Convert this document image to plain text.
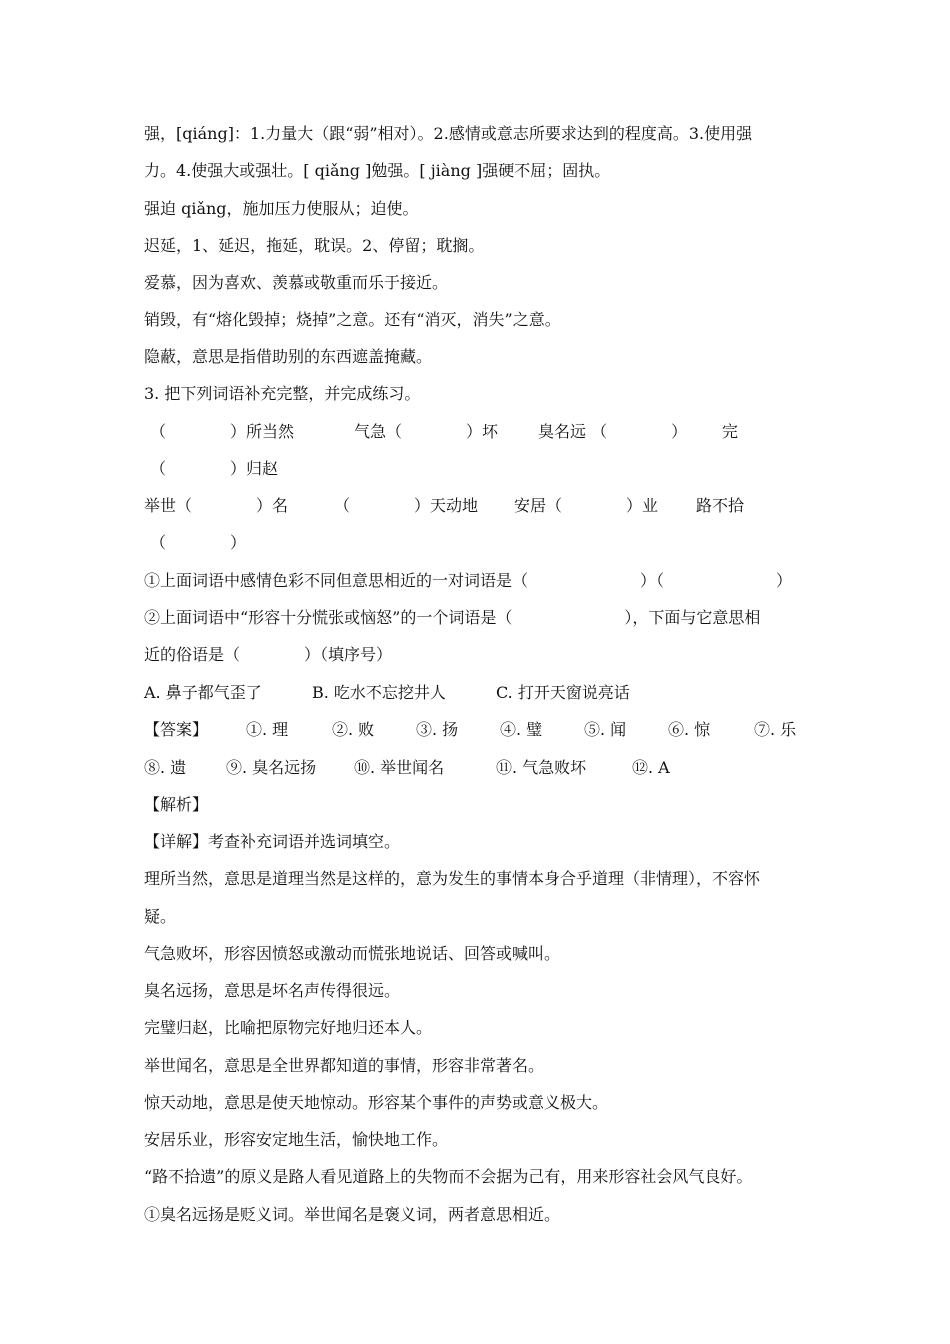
强，[qiáng]：1.力量大（跟“弱”相对）。2.感情或意志所要求达到的程度高。3.使用强
力。4.使强大或强壮。[ qiǎng ]勉强。[ jiàng ]强硬不屈；固执。
强迫 qiǎng，施加压力使服从；迫使。
迟延，1、延迟，拖延，耽误。2、停留；耽搁。
爱慕，因为喜欢、羡慕或敬重而乐于接近。
销毁，有“熔化毁掉；烧掉”之意。还有“消灭，消失”之意。
隐蔽，意思是指借助别的东西遮盖掩藏。
3. 把下列词语补充完整，并完成练习。
（　　　　）所当然	气急（　　　　）坏 臭名远 （　　　　） 完
（　　　　）归赵
举世（　　　　）名	（　　　　）天动地 安居（　　　　）业 路不拾
（　　　　）
①上面词语中感情色彩不同但意思相近的一对词语是（　　　　　　　）（　　　　　　　）
②上面词语中“形容十分慌张或恼怒”的一个词语是（　　　　　　　），下面与它意思相
近的俗语是（　　　　）（填序号）
A. 鼻子都气歪了	B. 吃水不忘挖井人	C. 打开天窗说亮话
【答案】 ①. 理	②. 败	③. 扬	④. 璧	⑤. 闻	⑥. 惊	⑦. 乐
⑧. 遗 ⑨. 臭名远扬 ⑩. 举世闻名	⑪. 气急败坏	⑫. A
【解析】
【详解】考查补充词语并选词填空。
理所当然，意思是道理当然是这样的，意为发生的事情本身合乎道理（非情理），不容怀
疑。
气急败坏，形容因愤怒或激动而慌张地说话、回答或喊叫。
臭名远扬，意思是坏名声传得很远。
完璧归赵，比喻把原物完好地归还本人。
举世闻名，意思是全世界都知道的事情，形容非常著名。
惊天动地，意思是使天地惊动。形容某个事件的声势或意义极大。
安居乐业，形容安定地生活，愉快地工作。
“路不拾遗”的原义是路人看见道路上的失物而不会据为己有，用来形容社会风气良好。
①臭名远扬是贬义词。举世闻名是褒义词，两者意思相近。
